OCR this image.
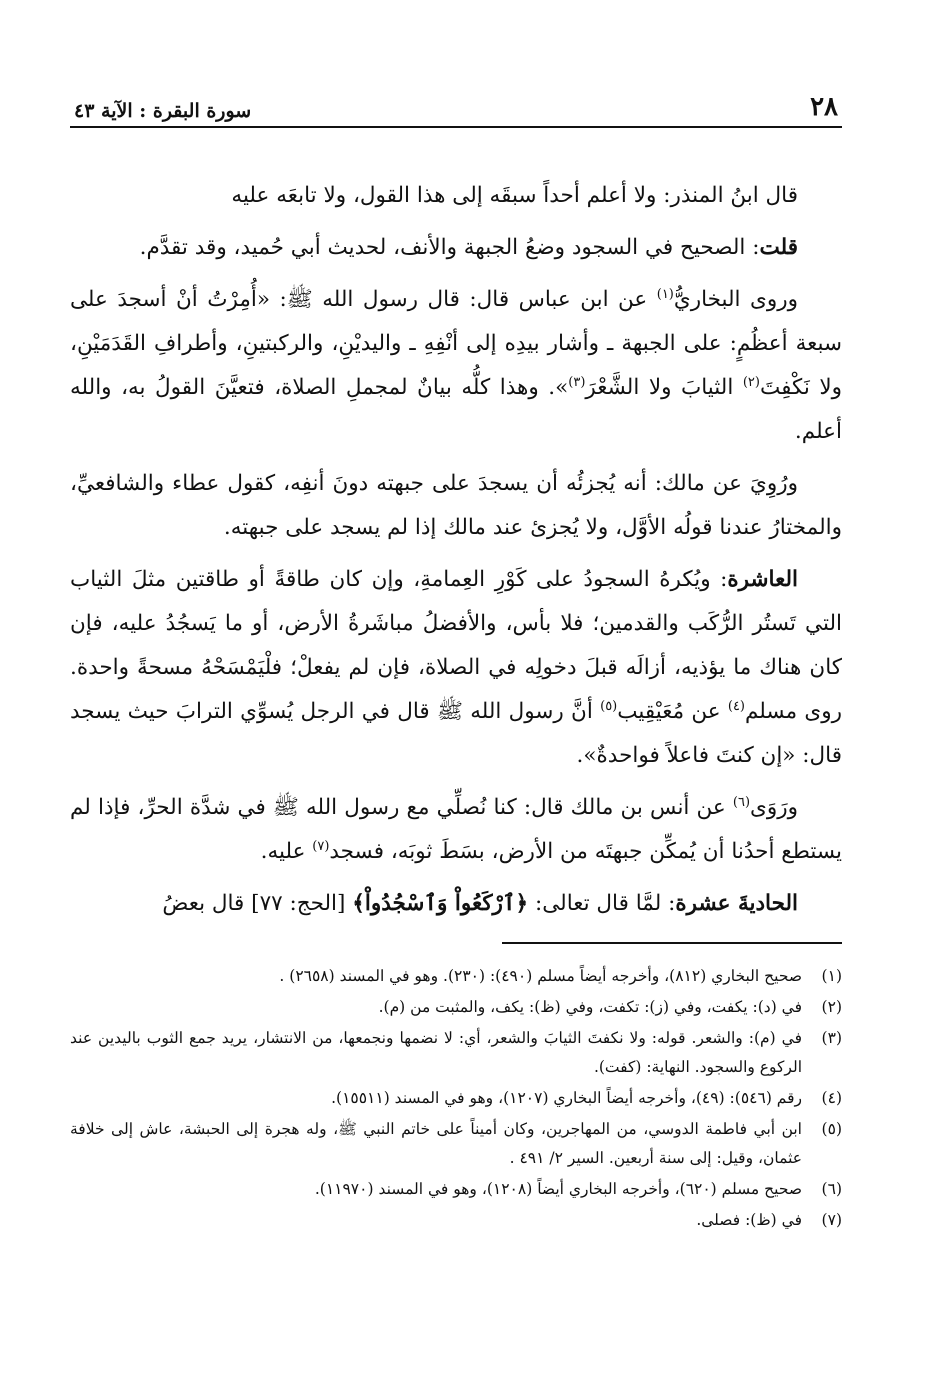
٢٨
سورة البقرة : الآية ٤٣

قال ابنُ المنذر: ولا أعلم أحداً سبقَه إلى هذا القول، ولا تابعَه عليه

قلت: الصحيح في السجود وضعُ الجبهة والأنف، لحديث أبي حُميد، وقد تقدَّم.

وروى البخاريُّ$^{(١)}$ عن ابن عباس قال: قال رسول الله ﷺ: «أُمِرْتُ أنْ أسجدَ على سبعة أعظُمٍ: على الجبهة ـ وأشار بيدِه إلى أنْفِهِ ـ واليديْنِ، والركبتينِ، وأطرافِ القَدَمَيْنِ، ولا نَكْفِتَ$^{(٢)}$ الثيابَ ولا الشَّعْرَ$^{(٣)}$». وهذا كلُّه بيانٌ لمجملِ الصلاة، فتعيَّنَ القولُ به، والله أعلم.

ورُوِيَ عن مالك: أنه يُجزئُه أن يسجدَ على جبهته دونَ أنفِه، كقول عطاء والشافعيِّ، والمختارُ عندنا قولُه الأوَّل، ولا يُجزئ عند مالك إذا لم يسجد على جبهته.

العاشرة: ويُكرهُ السجودُ على كَوْرِ العِمامةِ، وإن كان طاقةً أو طاقتين مثلَ الثياب التي تَستُر الرُّكَب والقدمين؛ فلا بأس، والأفضلُ مباشَرةُ الأرض، أو ما يَسجُدُ عليه، فإن كان هناك ما يؤذيه، أزالَه قبلَ دخولِه في الصلاة، فإن لم يفعلْ؛ فلْيَمْسَحْهُ مسحةً واحدة. روى مسلم$^{(٤)}$ عن مُعَيْقِيب$^{(٥)}$ أنَّ رسول الله ﷺ قال في الرجل يُسوِّي الترابَ حيث يسجد قال: «إن كنتَ فاعلاً فواحدةٌ».

ورَوَى$^{(٦)}$ عن أنس بن مالك قال: كنا نُصلِّي مع رسول الله ﷺ في شدَّة الحرِّ، فإذا لم يستطع أحدُنا أن يُمكِّن جبهتَه من الأرض، بسَطَ ثوبَه، فسجد$^{(٧)}$ عليه.

الحاديةَ عشرة: لمَّا قال تعالى: ﴿ٱرْكَعُواْ وَٱسْجُدُواْ﴾ [الحج: ٧٧] قال بعضُ

(١)
صحيح البخاري (٨١٢)، وأخرجه أيضاً مسلم (٤٩٠): (٢٣٠). وهو في المسند (٢٦٥٨) .
(٢)
في (د): يكفت، وفي (ز): تكفت، وفي (ظ): يكف، والمثبت من (م).
(٣)
في (م): والشعر. قوله: ولا نكفتَ الثيابَ والشعر، أي: لا نضمها ونجمعها، من الانتشار، يريد جمع الثوب باليدين عند الركوع والسجود. النهاية: (كفت).
(٤)
رقم (٥٤٦): (٤٩)، وأخرجه أيضاً البخاري (١٢٠٧)، وهو في المسند (١٥٥١١).
(٥)
ابن أبي فاطمة الدوسي، من المهاجرين، وكان أميناً على خاتم النبي ﷺ، وله هجرة إلى الحبشة، عاش إلى خلافة عثمان، وقيل: إلى سنة أربعين. السير ٢/ ٤٩١ .
(٦)
صحيح مسلم (٦٢٠)، وأخرجه البخاري أيضاً (١٢٠٨)، وهو في المسند (١١٩٧٠).
(٧)
في (ظ): فصلى.
